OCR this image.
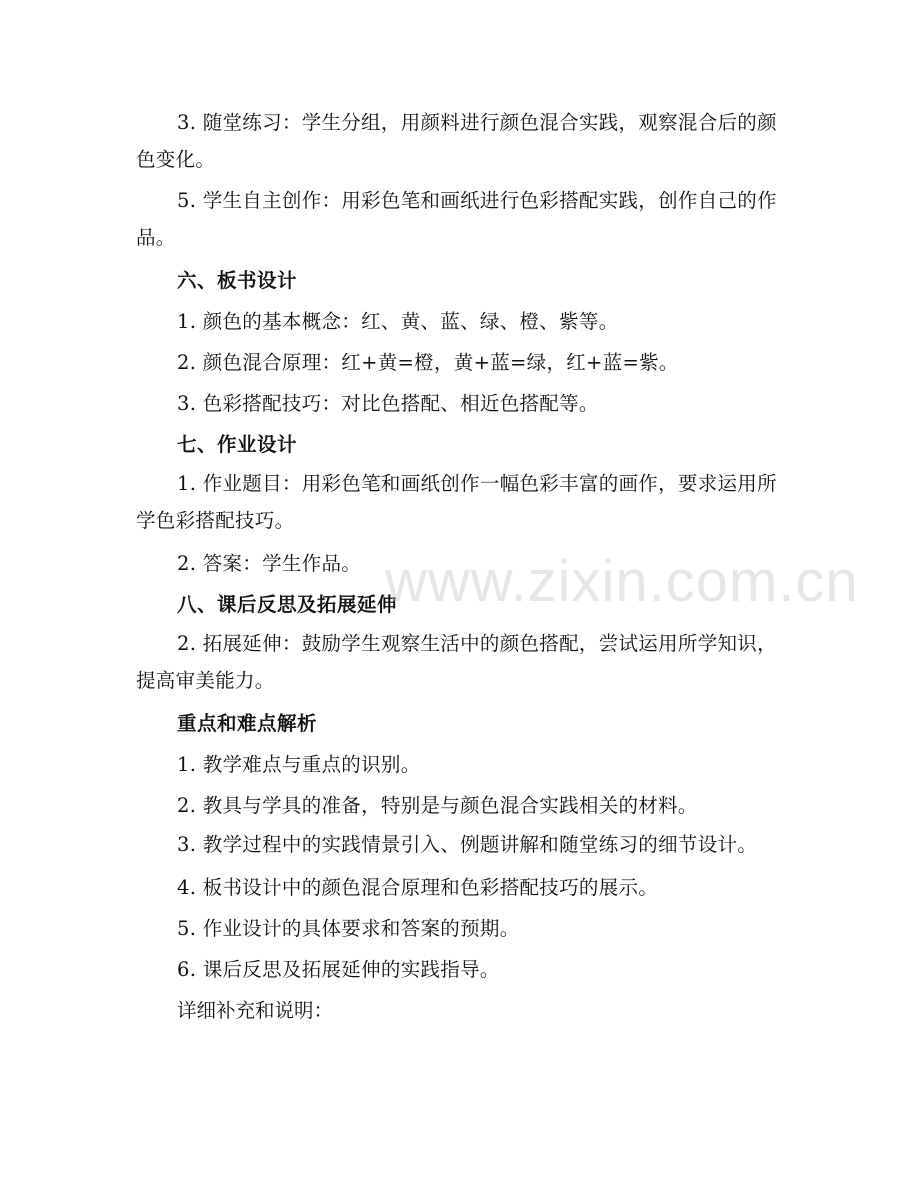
3. 随堂练习：学生分组，用颜料进行颜色混合实践，观察混合后的颜色变化。

5. 学生自主创作：用彩色笔和画纸进行色彩搭配实践，创作自己的作品。

六、板书设计

1. 颜色的基本概念：红、黄、蓝、绿、橙、紫等。

2. 颜色混合原理：红+黄=橙，黄+蓝=绿，红+蓝=紫。

3. 色彩搭配技巧：对比色搭配、相近色搭配等。

七、作业设计

1. 作业题目：用彩色笔和画纸创作一幅色彩丰富的画作，要求运用所学色彩搭配技巧。

2. 答案：学生作品。

八、课后反思及拓展延伸

2. 拓展延伸：鼓励学生观察生活中的颜色搭配，尝试运用所学知识，提高审美能力。

重点和难点解析

1. 教学难点与重点的识别。

2. 教具与学具的准备，特别是与颜色混合实践相关的材料。

3. 教学过程中的实践情景引入、例题讲解和随堂练习的细节设计。

4. 板书设计中的颜色混合原理和色彩搭配技巧的展示。

5. 作业设计的具体要求和答案的预期。

6. 课后反思及拓展延伸的实践指导。

详细补充和说明：

www.zixin.com.cn
